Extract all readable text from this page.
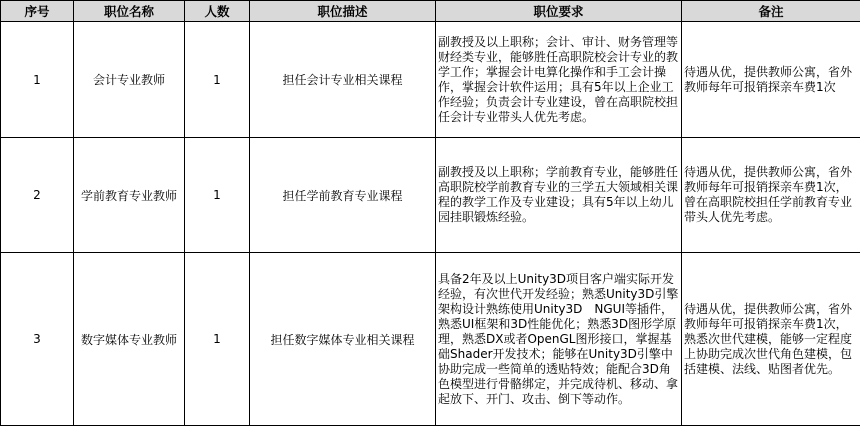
序号	职位名称	人数	职位描述	职位要求	备注
1	会计专业教师	1	担任会计专业相关课程	副教授及以上职称；会计、审计、财务管理等财经类专业，能够胜任高职院校会计专业的教学工作；掌握会计电算化操作和手工会计操作，掌握会计软件运用；具有5年以上企业工作经验；负责会计专业建设，曾在高职院校担任会计专业带头人优先考虑。	待遇从优，提供教师公寓，省外教师每年可报销探亲车费1次
2	学前教育专业教师	1	担任学前教育专业课程	副教授及以上职称；学前教育专业，能够胜任高职院校学前教育专业的三学五大领域相关课程的教学工作及专业建设；具有5年以上幼儿园挂职锻炼经验。	待遇从优，提供教师公寓，省外教师每年可报销探亲车费1次，曾在高职院校担任学前教育专业带头人优先考虑。
3	数字媒体专业教师	1	担任数字媒体专业相关课程	具备2年及以上Unity3D项目客户端实际开发经验，有次世代开发经验；熟悉Unity3D引擎架构设计熟练使用Unity3D　NGUI等插件，熟悉UI框架和3D性能优化；熟悉3D图形学原理，熟悉DX或者OpenGL图形接口，掌握基础Shader开发技术；能够在Unity3D引擎中协助完成一些简单的透贴特效；能配合3D角色模型进行骨骼绑定，并完成待机、移动、拿起放下、开门、攻击、倒下等动作。	待遇从优，提供教师公寓，省外教师每年可报销探亲车费1次，熟悉次世代建模，能够一定程度上协助完成次世代角色建模，包括建模、法线、贴图者优先。
